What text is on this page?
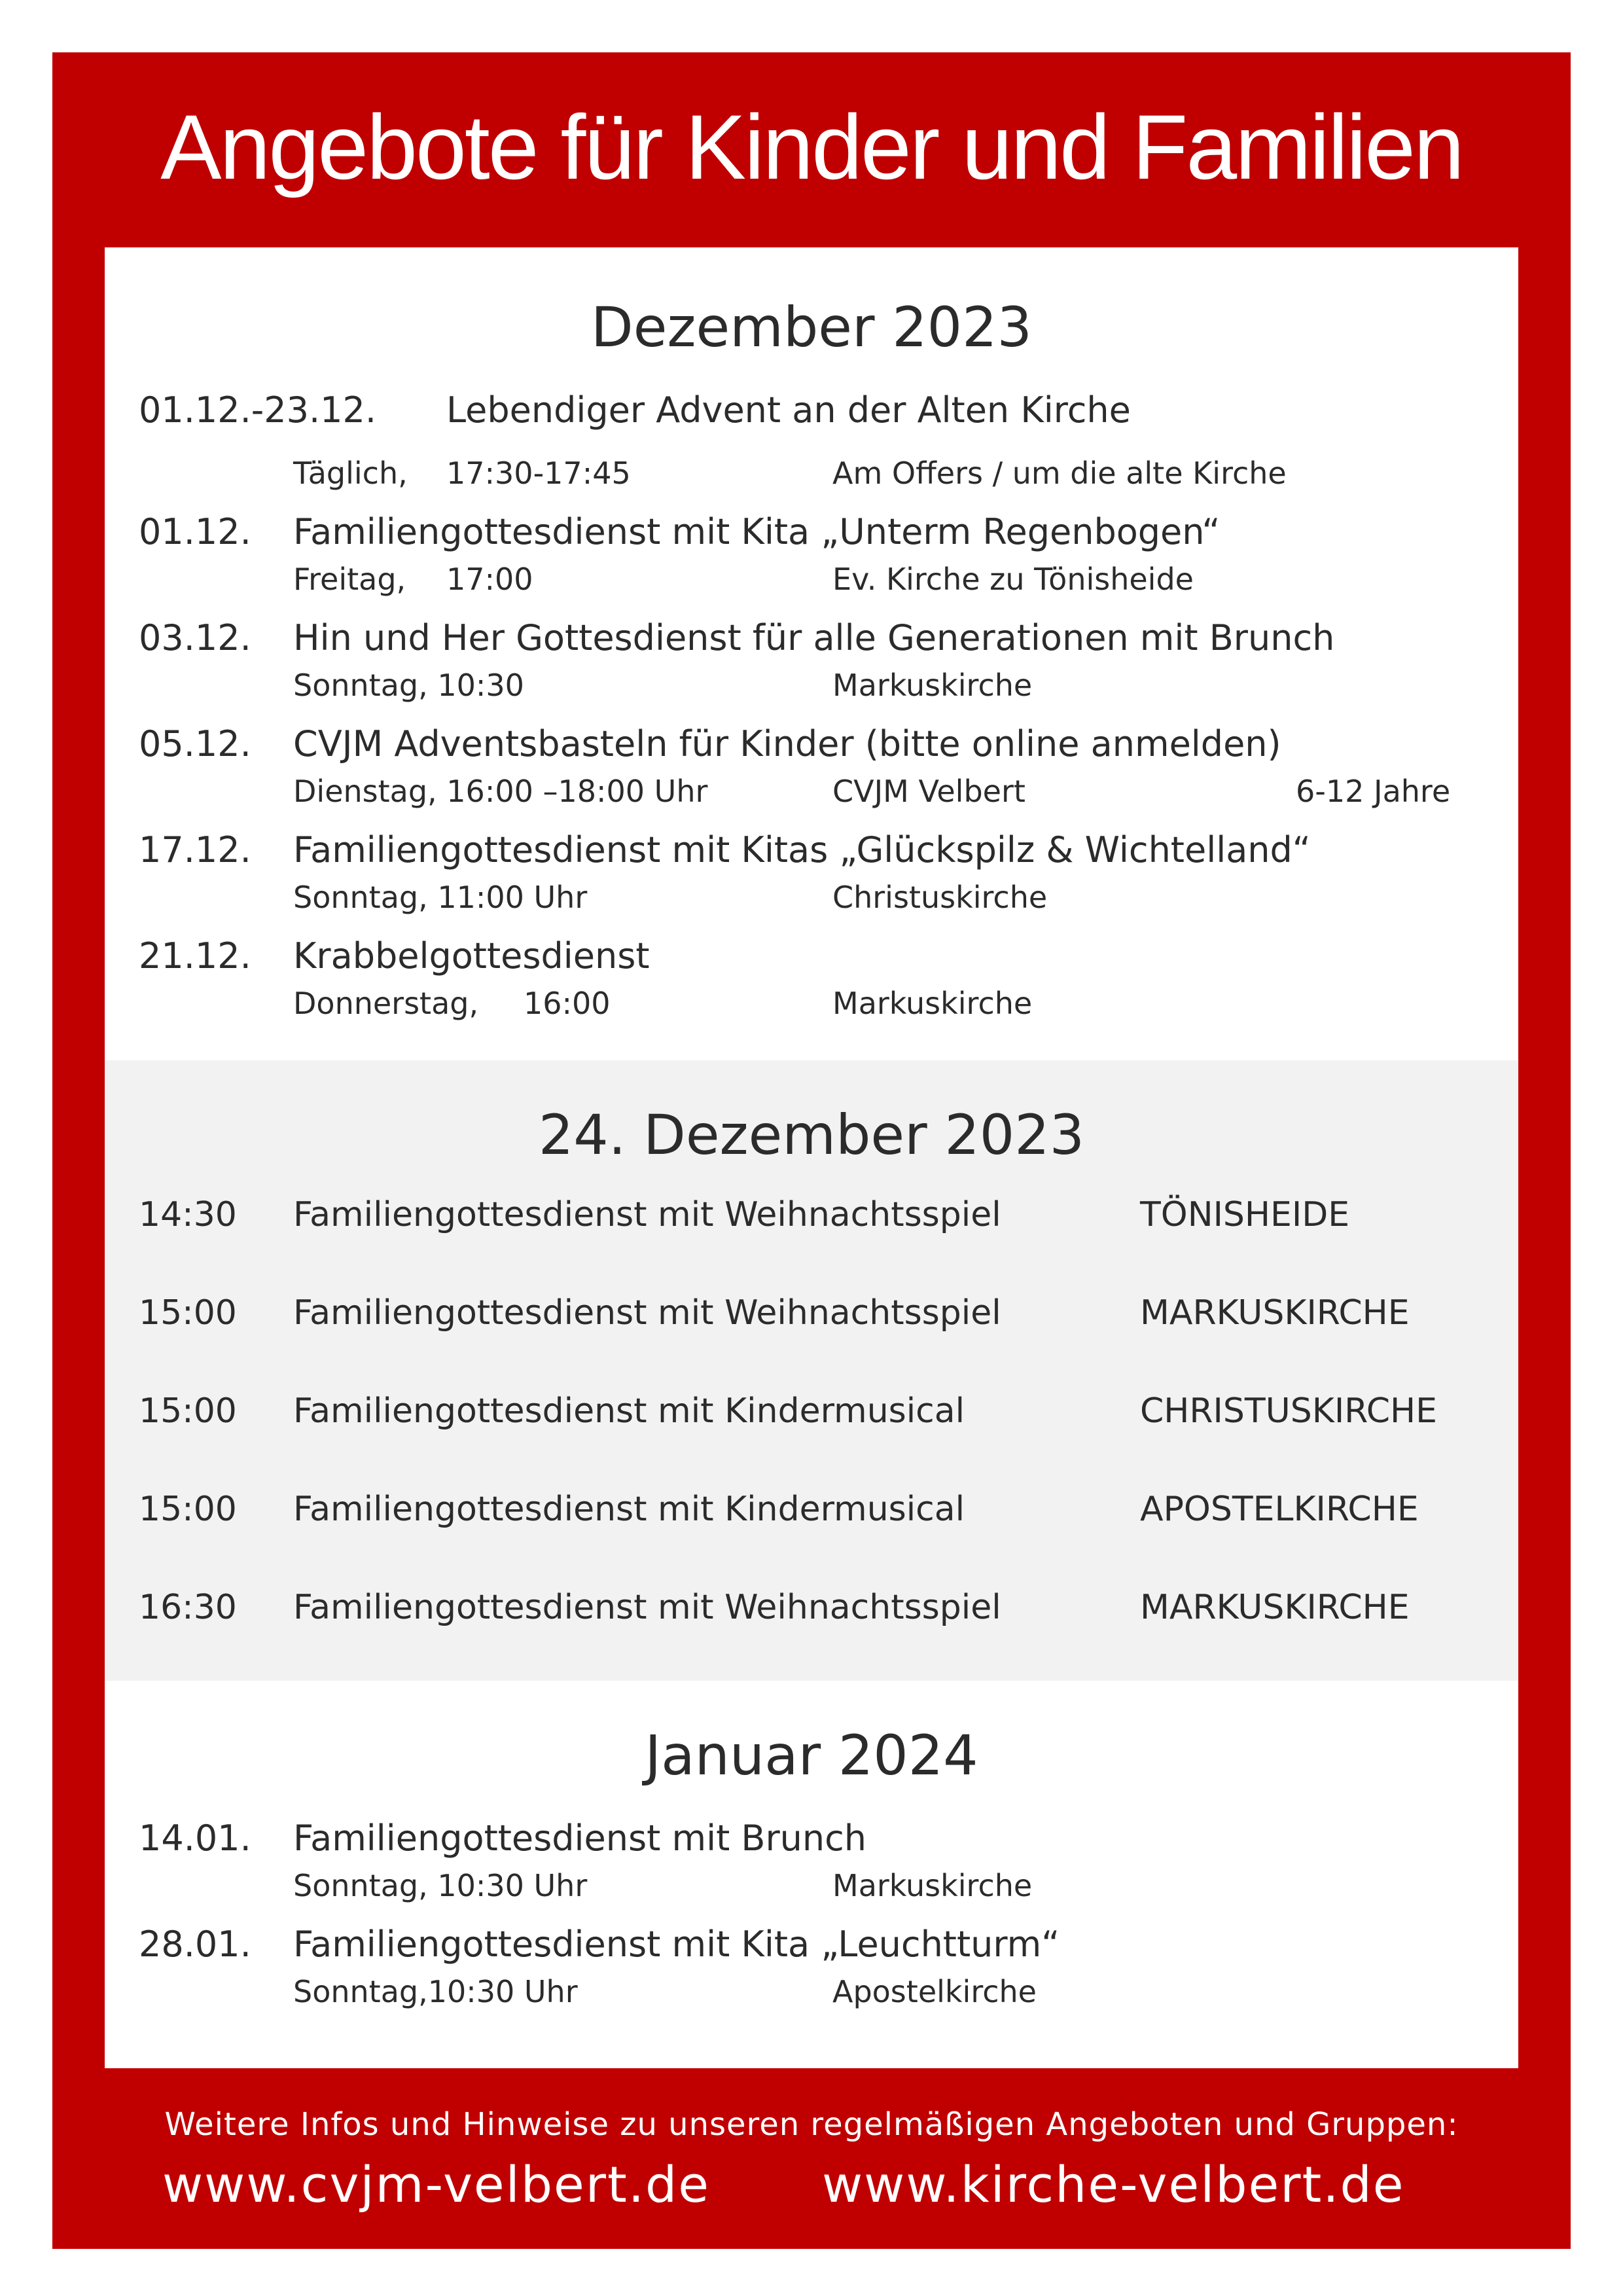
Angebote für Kinder und Familien
Dezember 2023
01.12.-23.12. Lebendiger Advent an der Alten Kirche
Täglich, 17:30-17:45	Am Offers / um die alte Kirche
01.12. Familiengottesdienst mit Kita „Unterm Regenbogen“
Freitag, 17:00	Ev. Kirche zu Tönisheide
03.12. Hin und Her Gottesdienst für alle Generationen mit Brunch
Sonntag, 10:30	Markuskirche
05.12. CVJM Adventsbasteln für Kinder (bitte online anmelden)
Dienstag, 16:00 –18:00 Uhr	CVJM Velbert	6-12 Jahre
17.12. Familiengottesdienst mit Kitas „Glückspilz & Wichtelland“
Sonntag, 11:00 Uhr	Christuskirche
21.12. Krabbelgottesdienst
Donnerstag, 16:00	Markuskirche
24. Dezember 2023
14:30 Familiengottesdienst mit Weihnachtsspiel	TÖNISHEIDE
15:00 Familiengottesdienst mit Weihnachtsspiel	MARKUSKIRCHE
15:00 Familiengottesdienst mit Kindermusical	CHRISTUSKIRCHE
15:00 Familiengottesdienst mit Kindermusical	APOSTELKIRCHE
16:30 Familiengottesdienst mit Weihnachtsspiel	MARKUSKIRCHE
Januar 2024
14.01. Familiengottesdienst mit Brunch
Sonntag, 10:30 Uhr	Markuskirche
28.01. Familiengottesdienst mit Kita „Leuchtturm“
Sonntag,10:30 Uhr	Apostelkirche
Weitere Infos und Hinweise zu unseren regelmäßigen Angeboten und Gruppen:
www.cvjm-velbert.de www.kirche-velbert.de
